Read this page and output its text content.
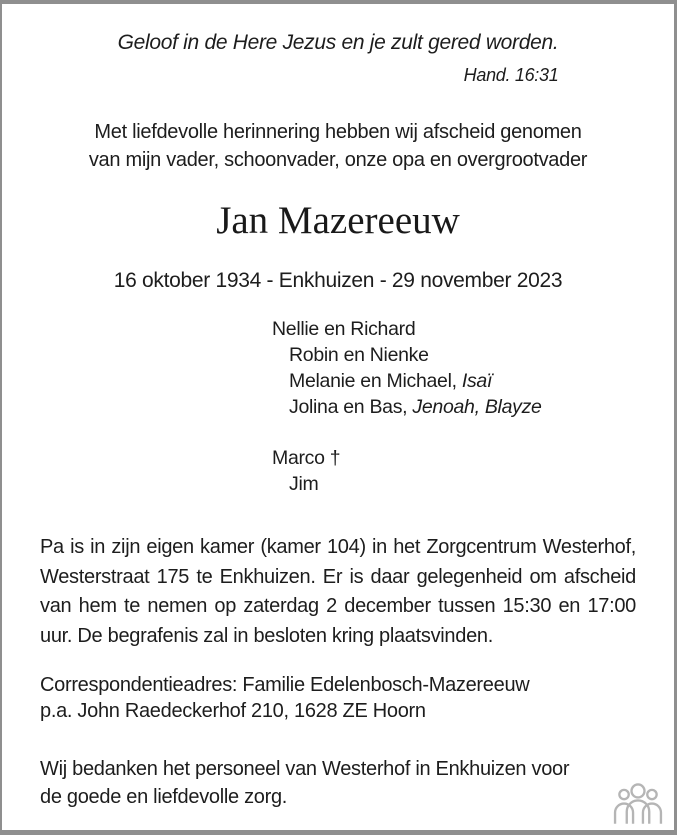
Geloof in de Here Jezus en je zult gered worden.
Hand. 16:31
Met liefdevolle herinnering hebben wij afscheid genomen
van mijn vader, schoonvader, onze opa en overgrootvader
Jan Mazereeuw
16 oktober 1934 - Enkhuizen - 29 november 2023
Nellie en Richard
Robin en Nienke
Melanie en Michael, Isaï
Jolina en Bas, Jenoah, Blayze
Marco †
Jim

Pa is in zijn eigen kamer (kamer 104) in het Zorgcentrum Westerhof, Westerstraat 175 te Enkhuizen. Er is daar gelegenheid om afscheid van hem te nemen op zaterdag 2 december tussen 15:30 en 17:00 uur. De begrafenis zal in besloten kring plaatsvinden.

Correspondentieadres: Familie Edelenbosch-Mazereeuw
p.a. John Raedeckerhof 210, 1628 ZE Hoorn
Wij bedanken het personeel van Westerhof in Enkhuizen voor
de goede en liefdevolle zorg.
